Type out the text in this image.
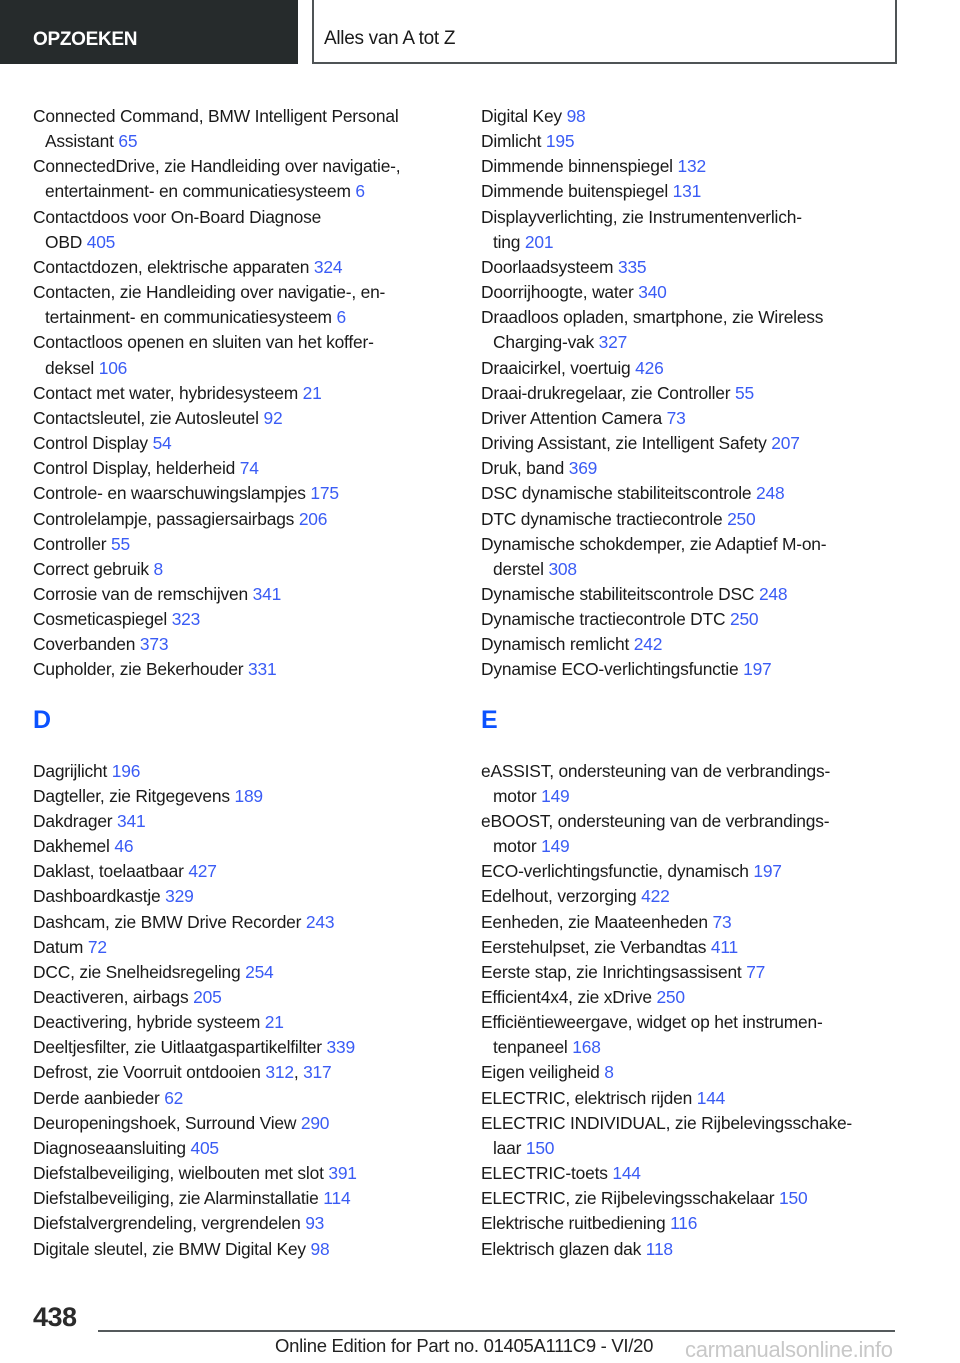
OPZOEKEN	Alles van A tot Z
Connected Command, BMW Intelligent Personal
Assistant 65
ConnectedDrive, zie Handleiding over navigatie-,
entertainment- en communicatiesysteem 6
Contactdoos voor On-Board Diagnose
OBD 405
Contactdozen, elektrische apparaten 324
Contacten, zie Handleiding over navigatie-, en-
tertainment- en communicatiesysteem 6
Contactloos openen en sluiten van het koffer-
deksel 106
Contact met water, hybridesysteem 21
Contactsleutel, zie Autosleutel 92
Control Display 54
Control Display, helderheid 74
Controle- en waarschuwingslampjes 175
Controlelampje, passagiersairbags 206
Controller 55
Correct gebruik 8
Corrosie van de remschijven 341
Cosmeticaspiegel 323
Coverbanden 373
Cupholder, zie Bekerhouder 331
D
Dagrijlicht 196
Dagteller, zie Ritgegevens 189
Dakdrager 341
Dakhemel 46
Daklast, toelaatbaar 427
Dashboardkastje 329
Dashcam, zie BMW Drive Recorder 243
Datum 72
DCC, zie Snelheidsregeling 254
Deactiveren, airbags 205
Deactivering, hybride systeem 21
Deeltjesfilter, zie Uitlaatgaspartikelfilter 339
Defrost, zie Voorruit ontdooien 312, 317
Derde aanbieder 62
Deuropeningshoek, Surround View 290
Diagnoseaansluiting 405
Diefstalbeveiliging, wielbouten met slot 391
Diefstalbeveiliging, zie Alarminstallatie 114
Diefstalvergrendeling, vergrendelen 93
Digitale sleutel, zie BMW Digital Key 98
Digital Key 98
Dimlicht 195
Dimmende binnenspiegel 132
Dimmende buitenspiegel 131
Displayverlichting, zie Instrumentenverlich-
ting 201
Doorlaadsysteem 335
Doorrijhoogte, water 340
Draadloos opladen, smartphone, zie Wireless
Charging-vak 327
Draaicirkel, voertuig 426
Draai-drukregelaar, zie Controller 55
Driver Attention Camera 73
Driving Assistant, zie Intelligent Safety 207
Druk, band 369
DSC dynamische stabiliteitscontrole 248
DTC dynamische tractiecontrole 250
Dynamische schokdemper, zie Adaptief M-on-
derstel 308
Dynamische stabiliteitscontrole DSC 248
Dynamische tractiecontrole DTC 250
Dynamisch remlicht 242
Dynamise ECO-verlichtingsfunctie 197
E
eASSIST, ondersteuning van de verbrandings-
motor 149
eBOOST, ondersteuning van de verbrandings-
motor 149
ECO-verlichtingsfunctie, dynamisch 197
Edelhout, verzorging 422
Eenheden, zie Maateenheden 73
Eerstehulpset, zie Verbandtas 411
Eerste stap, zie Inrichtingsassisent 77
Efficient4x4, zie xDrive 250
Efficiëntieweergave, widget op het instrumen-
tenpaneel 168
Eigen veiligheid 8
ELECTRIC, elektrisch rijden 144
ELECTRIC INDIVIDUAL, zie Rijbelevingsschake-
laar 150
ELECTRIC-toets 144
ELECTRIC, zie Rijbelevingsschakelaar 150
Elektrische ruitbediening 116
Elektrisch glazen dak 118
438
Online Edition for Part no. 01405A111C9 - VI/20 carmanualsonline.info
